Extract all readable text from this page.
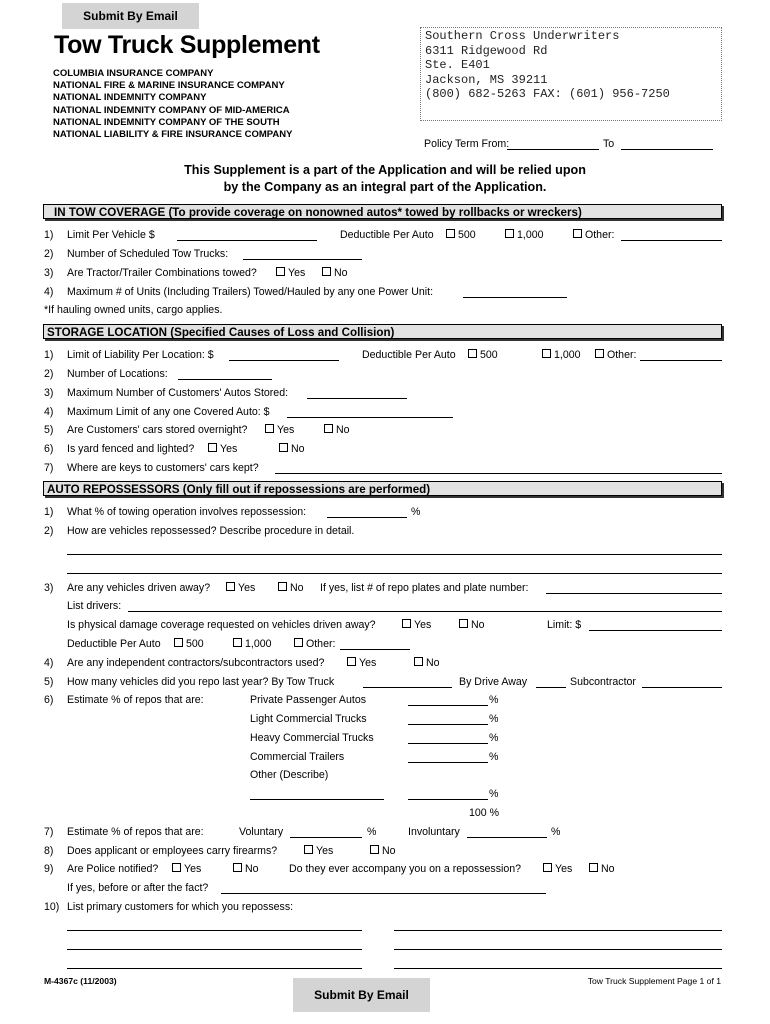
Submit By Email
Tow Truck Supplement
COLUMBIA INSURANCE COMPANY
NATIONAL FIRE & MARINE INSURANCE COMPANY
NATIONAL INDEMNITY COMPANY
NATIONAL INDEMNITY COMPANY OF MID-AMERICA
NATIONAL INDEMNITY COMPANY OF THE SOUTH
NATIONAL LIABILITY & FIRE INSURANCE COMPANY
Southern Cross Underwriters
6311 Ridgewood Rd
Ste. E401
Jackson, MS 39211
(800) 682-5263 FAX: (601) 956-7250
Policy Term From:	To
This Supplement is a part of the Application and will be relied upon
by the Company as an integral part of the Application.
IN TOW COVERAGE (To provide coverage on nonowned autos* towed by rollbacks or wreckers)
1) Limit Per Vehicle $	Deductible Per Auto	500	1,000	Other:
2) Number of Scheduled Tow Trucks:
3) Are Tractor/Trailer Combinations towed?	Yes	No
4) Maximum # of Units (Including Trailers) Towed/Hauled by any one Power Unit:
*If hauling owned units, cargo applies.
STORAGE LOCATION (Specified Causes of Loss and Collision)
1) Limit of Liability Per Location: $	Deductible Per Auto	500	1,000	Other:
2) Number of Locations:
3) Maximum Number of Customers' Autos Stored:
4) Maximum Limit of any one Covered Auto: $
5) Are Customers' cars stored overnight?	Yes	No
6) Is yard fenced and lighted?	Yes	No
7) Where are keys to customers' cars kept?
AUTO REPOSSESSORS (Only fill out if repossessions are performed)
1) What % of towing operation involves repossession:	%
2) How are vehicles repossessed? Describe procedure in detail.
3) Are any vehicles driven away?	Yes	No If yes, list # of repo plates and plate number:
List drivers:
Is physical damage coverage requested on vehicles driven away?	Yes	No	Limit: $
Deductible Per Auto	500	1,000	Other:
4) Are any independent contractors/subcontractors used?	Yes	No
5) How many vehicles did you repo last year? By Tow Truck	By Drive Away	Subcontractor
6) Estimate % of repos that are:	Private Passenger Autos	%
Light Commercial Trucks	%
Heavy Commercial Trucks	%
Commercial Trailers	%
Other (Describe)
%
100 %
7) Estimate % of repos that are:	Voluntary	%	Involuntary	%
8) Does applicant or employees carry firearms?	Yes	No
9) Are Police notified?	Yes	No	Do they ever accompany you on a repossession?	Yes	No
If yes, before or after the fact?
10) List primary customers for which you repossess:
M-4367c (11/2003)	Tow Truck Supplement Page 1 of 1
Submit By Email
